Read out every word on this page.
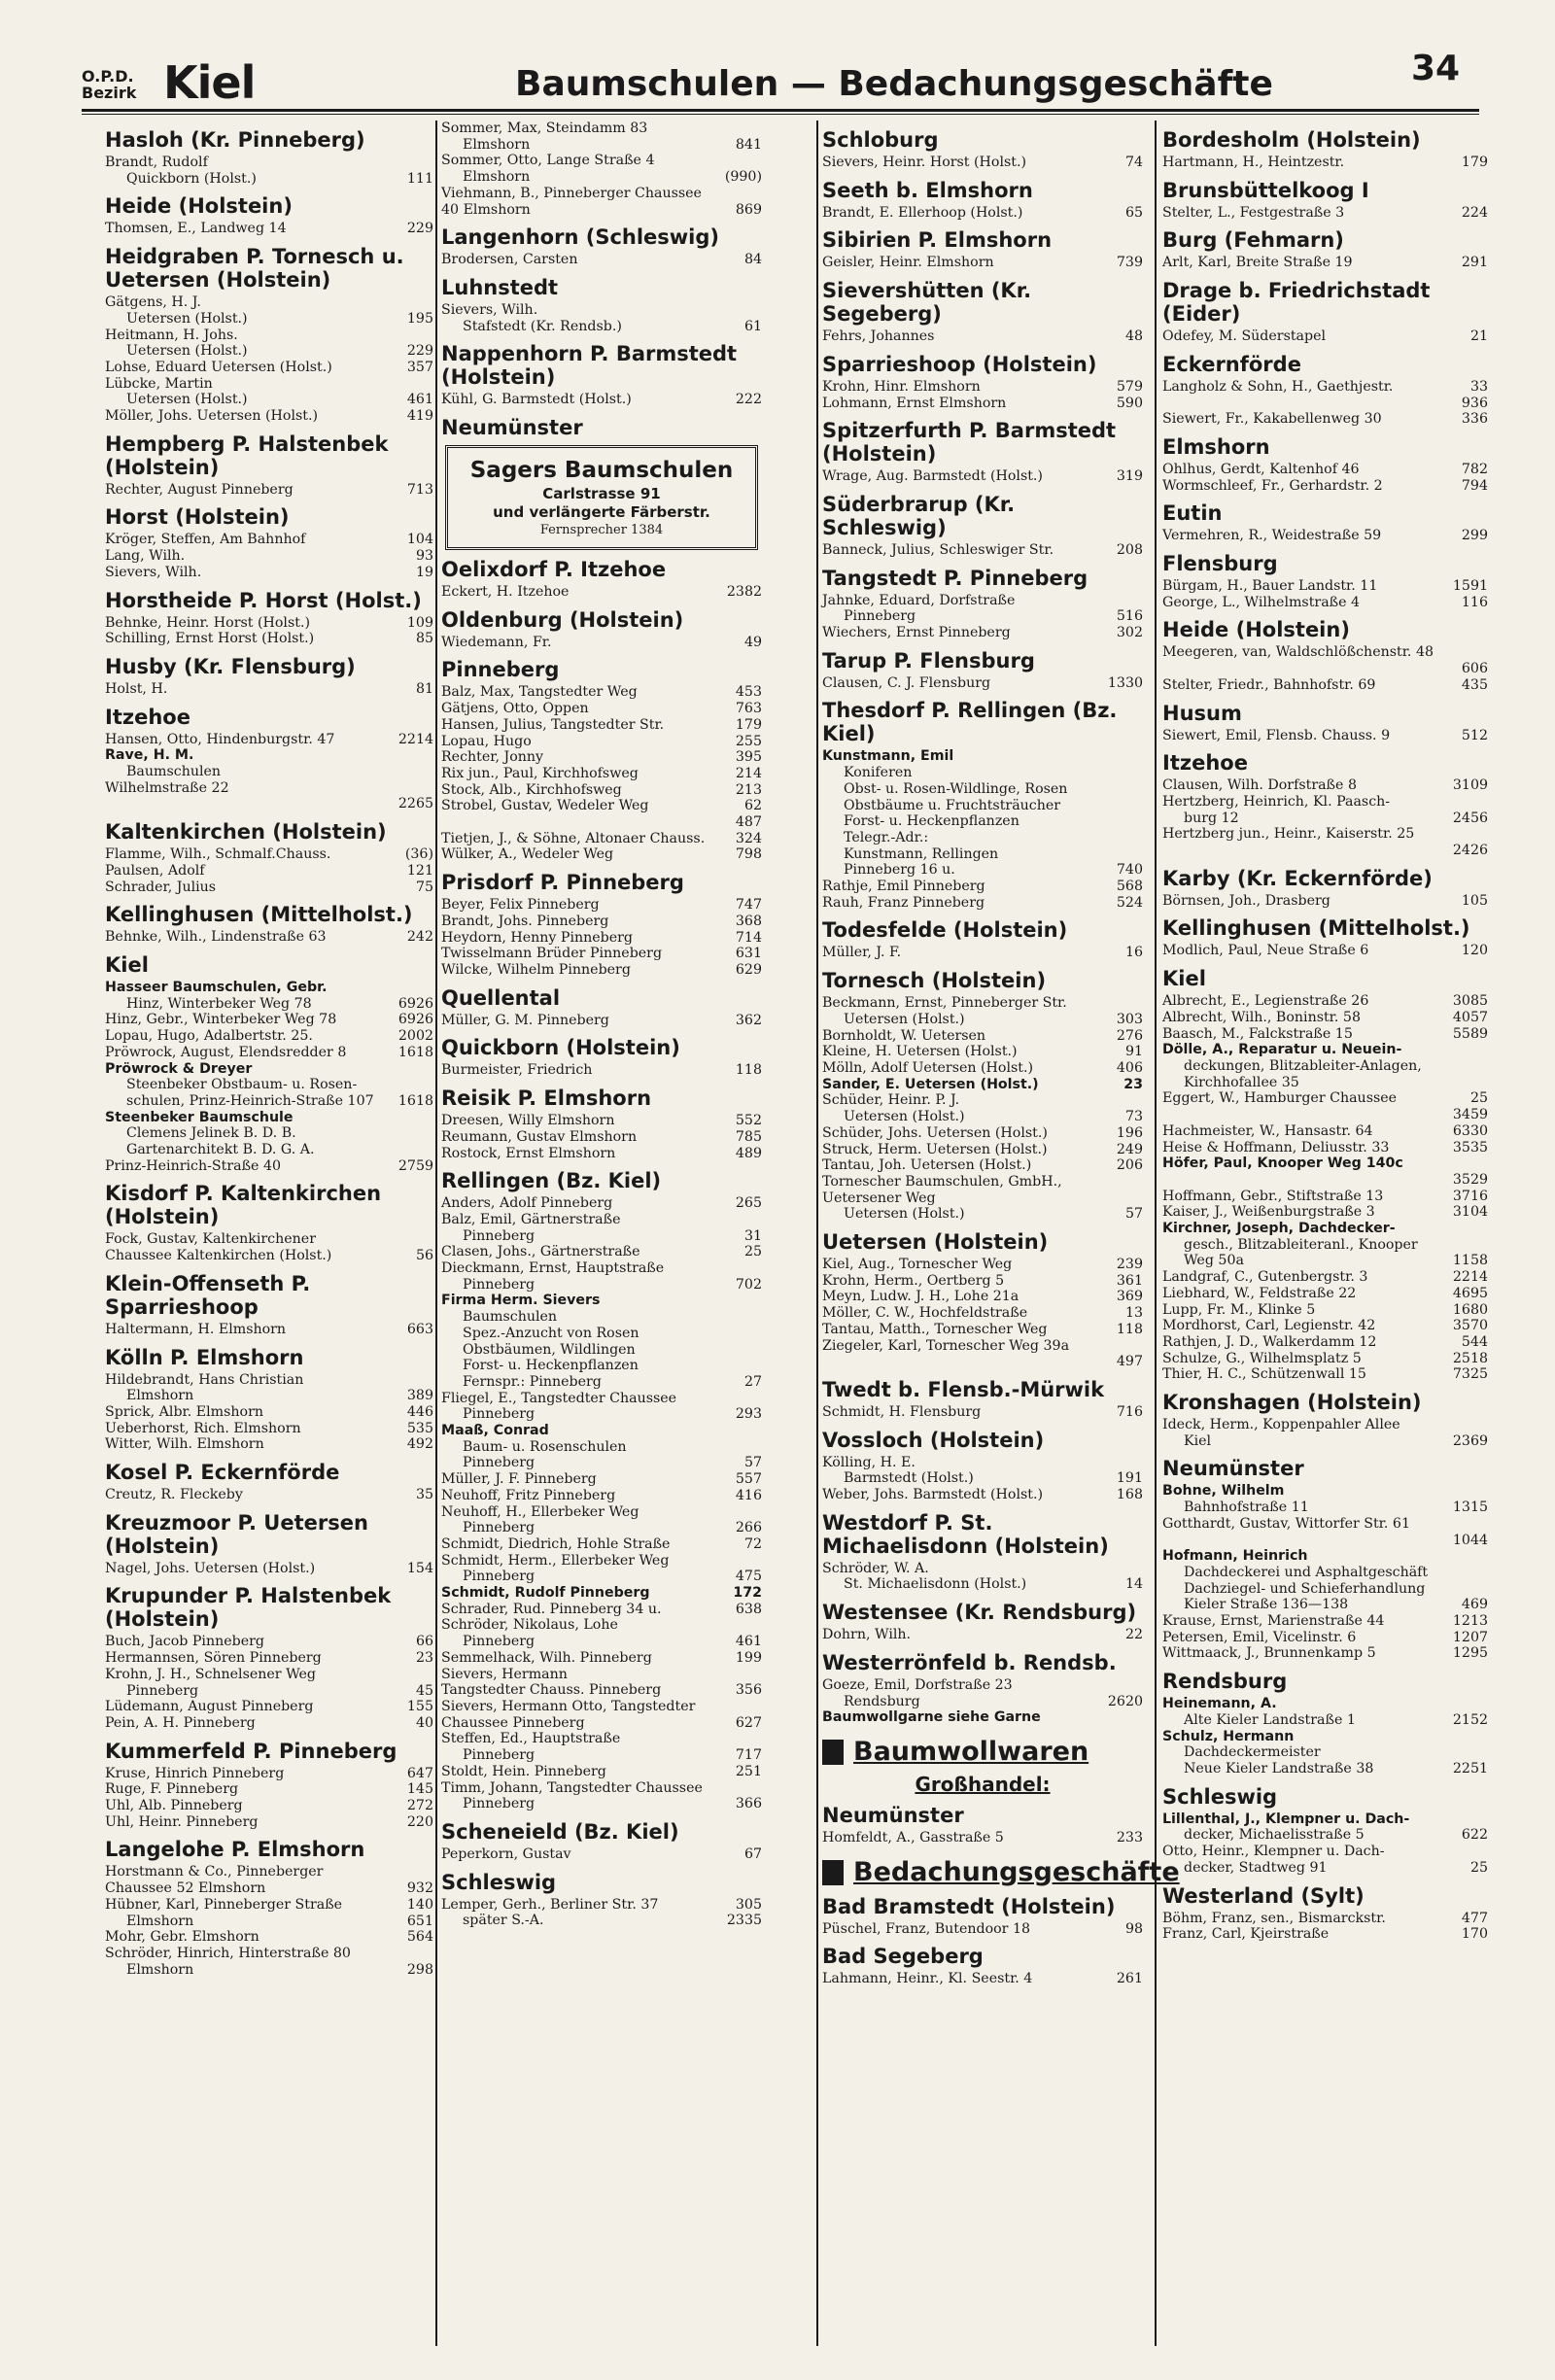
O.P.D.
Bezirk Kiel	Baumschulen — Bedachungsgeschäfte	34
Hasloh (Kr. Pinneberg)
Brandt, Rudolf
Quickborn (Holst.)	111
Heide (Holstein)
Thomsen, E., Landweg 14	229
Heidgraben P. Tornesch u. Uetersen (Holstein)
Gätgens, H. J.
Uetersen (Holst.)	195
Heitmann, H. Johs.
Uetersen (Holst.)	229
Lohse, Eduard Uetersen (Holst.)	357
Lübcke, Martin
Uetersen (Holst.)	461
Möller, Johs. Uetersen (Holst.)	419
Hempberg P. Halstenbek (Holstein)
Rechter, August Pinneberg	713
Horst (Holstein)
Kröger, Steffen, Am Bahnhof	104
Lang, Wilh.	93
Sievers, Wilh.	19
Horstheide P. Horst (Holst.)
Behnke, Heinr. Horst (Holst.)	109
Schilling, Ernst Horst (Holst.)	85
Husby (Kr. Flensburg)
Holst, H.	81
Itzehoe
Hansen, Otto, Hindenburgstr. 47	2214
Rave, H. M.
Baumschulen
Wilhelmstraße 22
2265
Kaltenkirchen (Holstein)
Flamme, Wilh., Schmalf.Chauss.	(36)
Paulsen, Adolf	121
Schrader, Julius	75
Kellinghusen (Mittelholst.)
Behnke, Wilh., Lindenstraße 63	242
Kiel
Hasseer Baumschulen, Gebr.
Hinz, Winterbeker Weg 78	6926
Hinz, Gebr., Winterbeker Weg 78	6926
Lopau, Hugo, Adalbertstr. 25.	2002
Pröwrock, August, Elendsredder 8	1618
Pröwrock & Dreyer
Steenbeker Obstbaum- u. Rosen-
schulen, Prinz-Heinrich-Straße 107 1618
Steenbeker Baumschule
Clemens Jelinek B. D. B.
Gartenarchitekt B. D. G. A.
Prinz-Heinrich-Straße 40	2759
Kisdorf P. Kaltenkirchen (Holstein)
Fock, Gustav, Kaltenkirchener
Chaussee Kaltenkirchen (Holst.)	56
Klein-Offenseth P. Sparrieshoop
Haltermann, H. Elmshorn	663
Kölln P. Elmshorn
Hildebrandt, Hans Christian
Elmshorn	389
Sprick, Albr. Elmshorn	446
Ueberhorst, Rich. Elmshorn	535
Witter, Wilh. Elmshorn	492
Kosel P. Eckernförde
Creutz, R. Fleckeby	35
Kreuzmoor P. Uetersen (Holstein)
Nagel, Johs. Uetersen (Holst.)	154
Krupunder P. Halstenbek (Holstein)
Buch, Jacob Pinneberg	66
Hermannsen, Sören Pinneberg	23
Krohn, J. H., Schnelsener Weg
Pinneberg	45
Lüdemann, August Pinneberg	155
Pein, A. H. Pinneberg	40
Kummerfeld P. Pinneberg
Kruse, Hinrich Pinneberg	647
Ruge, F. Pinneberg	145
Uhl, Alb. Pinneberg	272
Uhl, Heinr. Pinneberg	220
Langelohe P. Elmshorn
Horstmann & Co., Pinneberger
Chaussee 52 Elmshorn	932
Hübner, Karl, Pinneberger Straße	140
Elmshorn	651
Mohr, Gebr. Elmshorn	564
Schröder, Hinrich, Hinterstraße 80
Elmshorn	298
Sommer, Max, Steindamm 83
Elmshorn	841
Sommer, Otto, Lange Straße 4
Elmshorn	(990)
Viehmann, B., Pinneberger Chaussee
40 Elmshorn	869
Langenhorn (Schleswig)
Brodersen, Carsten	84
Luhnstedt
Sievers, Wilh.
Stafstedt (Kr. Rendsb.)	61
Nappenhorn P. Barmstedt (Holstein)
Kühl, G. Barmstedt (Holst.)	222
Neumünster
Sagers Baumschulen
Carlstrasse 91
und verlängerte Färberstr.
Fernsprecher 1384
Oelixdorf P. Itzehoe
Eckert, H. Itzehoe	2382
Oldenburg (Holstein)
Wiedemann, Fr.	49
Pinneberg
Balz, Max, Tangstedter Weg	453
Gätjens, Otto, Oppen	763
Hansen, Julius, Tangstedter Str.	179
Lopau, Hugo	255
Rechter, Jonny	395
Rix jun., Paul, Kirchhofsweg	214
Stock, Alb., Kirchhofsweg	213
Strobel, Gustav, Wedeler Weg	62
487
Tietjen, J., & Söhne, Altonaer Chauss. 324
Wülker, A., Wedeler Weg	798
Prisdorf P. Pinneberg
Beyer, Felix Pinneberg	747
Brandt, Johs. Pinneberg	368
Heydorn, Henny Pinneberg	714
Twisselmann Brüder Pinneberg	631
Wilcke, Wilhelm Pinneberg	629
Quellental
Müller, G. M. Pinneberg	362
Quickborn (Holstein)
Burmeister, Friedrich	118
Reisik P. Elmshorn
Dreesen, Willy Elmshorn	552
Reumann, Gustav Elmshorn	785
Rostock, Ernst Elmshorn	489
Rellingen (Bz. Kiel)
Anders, Adolf Pinneberg	265
Balz, Emil, Gärtnerstraße
Pinneberg	31
Clasen, Johs., Gärtnerstraße	25
Dieckmann, Ernst, Hauptstraße
Pinneberg	702
Firma Herm. Sievers
Baumschulen
Spez.-Anzucht von Rosen
Obstbäumen, Wildlingen
Forst- u. Heckenpflanzen
Fernspr.: Pinneberg	27
Fliegel, E., Tangstedter Chaussee
Pinneberg	293
Maaß, Conrad
Baum- u. Rosenschulen
Pinneberg	57
Müller, J. F. Pinneberg	557
Neuhoff, Fritz Pinneberg	416
Neuhoff, H., Ellerbeker Weg
Pinneberg	266
Schmidt, Diedrich, Hohle Straße	72
Schmidt, Herm., Ellerbeker Weg
Pinneberg	475
Schmidt, Rudolf Pinneberg	172
Schrader, Rud. Pinneberg 34 u.	638
Schröder, Nikolaus, Lohe
Pinneberg	461
Semmelhack, Wilh. Pinneberg	199
Sievers, Hermann
Tangstedter Chauss. Pinneberg	356
Sievers, Hermann Otto, Tangstedter
Chaussee Pinneberg	627
Steffen, Ed., Hauptstraße
Pinneberg	717
Stoldt, Hein. Pinneberg	251
Timm, Johann, Tangstedter Chaussee
Pinneberg	366
Scheneield (Bz. Kiel)
Peperkorn, Gustav	67
Schleswig
Lemper, Gerh., Berliner Str. 37	305
später S.-A.	2335
Schloburg
Sievers, Heinr. Horst (Holst.)	74
Seeth b. Elmshorn
Brandt, E. Ellerhoop (Holst.)	65
Sibirien P. Elmshorn
Geisler, Heinr. Elmshorn	739
Sievershütten (Kr. Segeberg)
Fehrs, Johannes	48
Sparrieshoop (Holstein)
Krohn, Hinr. Elmshorn	579
Lohmann, Ernst Elmshorn	590
Spitzerfurth P. Barmstedt (Holstein)
Wrage, Aug. Barmstedt (Holst.)	319
Süderbrarup (Kr. Schleswig)
Banneck, Julius, Schleswiger Str.	208
Tangstedt P. Pinneberg
Jahnke, Eduard, Dorfstraße
Pinneberg	516
Wiechers, Ernst Pinneberg	302
Tarup P. Flensburg
Clausen, C. J. Flensburg	1330
Thesdorf P. Rellingen (Bz. Kiel)
Kunstmann, Emil
Koniferen
Obst- u. Rosen-Wildlinge, Rosen
Obstbäume u. Fruchtsträucher
Forst- u. Heckenpflanzen
Telegr.-Adr.:
Kunstmann, Rellingen
Pinneberg 16 u.	740
Rathje, Emil Pinneberg	568
Rauh, Franz Pinneberg	524
Todesfelde (Holstein)
Müller, J. F.	16
Tornesch (Holstein)
Beckmann, Ernst, Pinneberger Str.
Uetersen (Holst.)	303
Bornholdt, W. Uetersen	276
Kleine, H. Uetersen (Holst.)	91
Mölln, Adolf Uetersen (Holst.)	406
Sander, E. Uetersen (Holst.)	23
Schüder, Heinr. P. J.
Uetersen (Holst.)	73
Schüder, Johs. Uetersen (Holst.)	196
Struck, Herm. Uetersen (Holst.)	249
Tantau, Joh. Uetersen (Holst.)	206
Tornescher Baumschulen, GmbH.,
Uetersener Weg
Uetersen (Holst.)	57
Uetersen (Holstein)
Kiel, Aug., Tornescher Weg	239
Krohn, Herm., Oertberg 5	361
Meyn, Ludw. J. H., Lohe 21a	369
Möller, C. W., Hochfeldstraße	13
Tantau, Matth., Tornescher Weg	118
Ziegeler, Karl, Tornescher Weg 39a
497
Twedt b. Flensb.-Mürwik
Schmidt, H. Flensburg	716
Vossloch (Holstein)
Kölling, H. E.
Barmstedt (Holst.)	191
Weber, Johs. Barmstedt (Holst.)	168
Westdorf P. St. Michaelisdonn (Holstein)
Schröder, W. A.
St. Michaelisdonn (Holst.)	14
Westensee (Kr. Rendsburg)
Dohrn, Wilh.	22
Westerrönfeld b. Rendsb.
Goeze, Emil, Dorfstraße 23
Rendsburg	2620
Baumwollgarne siehe Garne
Baumwollwaren
Großhandel:
Neumünster
Homfeldt, A., Gasstraße 5	233
Bedachungsgeschäfte
Bad Bramstedt (Holstein)
Püschel, Franz, Butendoor 18	98
Bad Segeberg
Lahmann, Heinr., Kl. Seestr. 4	261
Bordesholm (Holstein)
Hartmann, H., Heintzestr.	179
Brunsbüttelkoog I
Stelter, L., Festgestraße 3	224
Burg (Fehmarn)
Arlt, Karl, Breite Straße 19	291
Drage b. Friedrichstadt (Eider)
Odefey, M. Süderstapel	21
Eckernförde
Langholz & Sohn, H., Gaethjestr.	33
936
Siewert, Fr., Kakabellenweg 30	336
Elmshorn
Ohlhus, Gerdt, Kaltenhof 46	782
Wormschleef, Fr., Gerhardstr. 2	794
Eutin
Vermehren, R., Weidestraße 59	299
Flensburg
Bürgam, H., Bauer Landstr. 11	1591
George, L., Wilhelmstraße 4	116
Heide (Holstein)
Meegeren, van, Waldschlößchenstr. 48
606
Stelter, Friedr., Bahnhofstr. 69	435
Husum
Siewert, Emil, Flensb. Chauss. 9	512
Itzehoe
Clausen, Wilh. Dorfstraße 8	3109
Hertzberg, Heinrich, Kl. Paasch-
burg 12	2456
Hertzberg jun., Heinr., Kaiserstr. 25
2426
Karby (Kr. Eckernförde)
Börnsen, Joh., Drasberg	105
Kellinghusen (Mittelholst.)
Modlich, Paul, Neue Straße 6	120
Kiel
Albrecht, E., Legienstraße 26	3085
Albrecht, Wilh., Boninstr. 58	4057
Baasch, M., Falckstraße 15	5589
Dölle, A., Reparatur u. Neuein-
deckungen, Blitzableiter-Anlagen,
Kirchhofallee 35
Eggert, W., Hamburger Chaussee	25
3459
Hachmeister, W., Hansastr. 64	6330
Heise & Hoffmann, Deliusstr. 33	3535
Höfer, Paul, Knooper Weg 140c
3529
Hoffmann, Gebr., Stiftstraße 13	3716
Kaiser, J., Weißenburgstraße 3	3104
Kirchner, Joseph, Dachdecker-
gesch., Blitzableiteranl., Knooper
Weg 50a	1158
Landgraf, C., Gutenbergstr. 3	2214
Liebhard, W., Feldstraße 22	4695
Lupp, Fr. M., Klinke 5	1680
Mordhorst, Carl, Legienstr. 42	3570
Rathjen, J. D., Walkerdamm 12	544
Schulze, G., Wilhelmsplatz 5	2518
Thier, H. C., Schützenwall 15	7325
Kronshagen (Holstein)
Ideck, Herm., Koppenpahler Allee
Kiel	2369
Neumünster
Bohne, Wilhelm
Bahnhofstraße 11	1315
Gotthardt, Gustav, Wittorfer Str. 61
1044
Hofmann, Heinrich
Dachdeckerei und Asphaltgeschäft
Dachziegel- und Schieferhandlung
Kieler Straße 136—138	469
Krause, Ernst, Marienstraße 44	1213
Petersen, Emil, Vicelinstr. 6	1207
Wittmaack, J., Brunnenkamp 5	1295
Rendsburg
Heinemann, A.
Alte Kieler Landstraße 1	2152
Schulz, Hermann
Dachdeckermeister
Neue Kieler Landstraße 38	2251
Schleswig
Lillenthal, J., Klempner u. Dach-
decker, Michaelisstraße 5	622
Otto, Heinr., Klempner u. Dach-
decker, Stadtweg 91	25
Westerland (Sylt)
Böhm, Franz, sen., Bismarckstr.	477
Franz, Carl, Kjeirstraße	170
